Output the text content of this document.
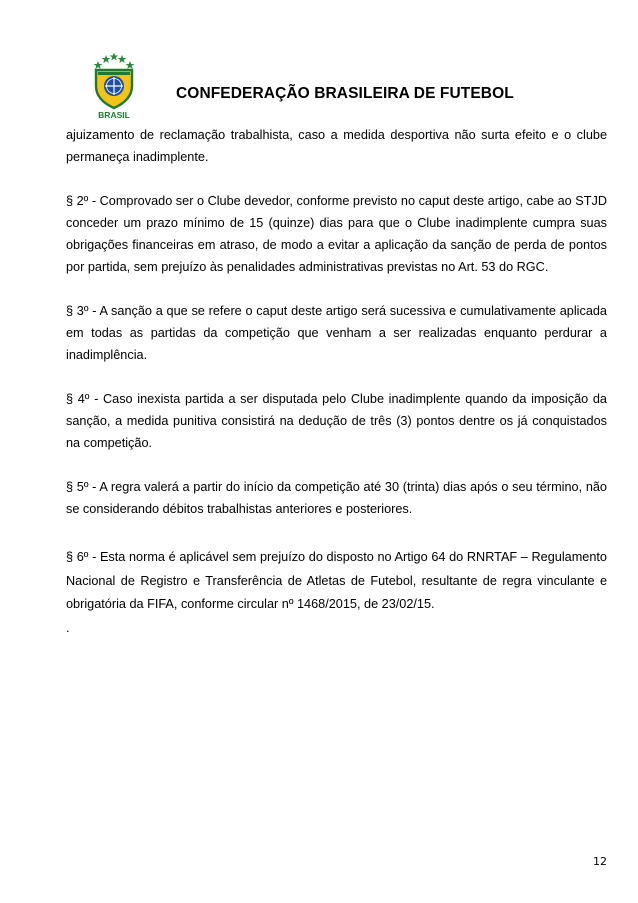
BRASIL
CONFEDERAÇÃO BRASILEIRA DE FUTEBOL

ajuizamento de reclamação trabalhista, caso a medida desportiva não surta efeito e o clube permaneça inadimplente.

§ 2º - Comprovado ser o Clube devedor, conforme previsto no caput deste artigo, cabe ao STJD conceder um prazo mínimo de 15 (quinze) dias para que o Clube inadimplente cumpra suas obrigações financeiras em atraso, de modo a evitar a aplicação da sanção de perda de pontos por partida, sem prejuízo às penalidades administrativas previstas no Art. 53 do RGC.

§ 3º - A sanção a que se refere o caput deste artigo será sucessiva e cumulativamente aplicada em todas as partidas da competição que venham a ser realizadas enquanto perdurar a inadimplência.

§ 4º - Caso inexista partida a ser disputada pelo Clube inadimplente quando da imposição da sanção, a medida punitiva consistirá na dedução de três (3) pontos dentre os já conquistados na competição.

§ 5º - A regra valerá a partir do início da competição até 30 (trinta) dias após o seu término, não se considerando débitos trabalhistas anteriores e posteriores.

§ 6º - Esta norma é aplicável sem prejuízo do disposto no Artigo 64 do RNRTAF – Regulamento Nacional de Registro e Transferência de Atletas de Futebol, resultante de regra vinculante e obrigatória da FIFA, conforme circular nº 1468/2015, de 23/02/15.

.

12
